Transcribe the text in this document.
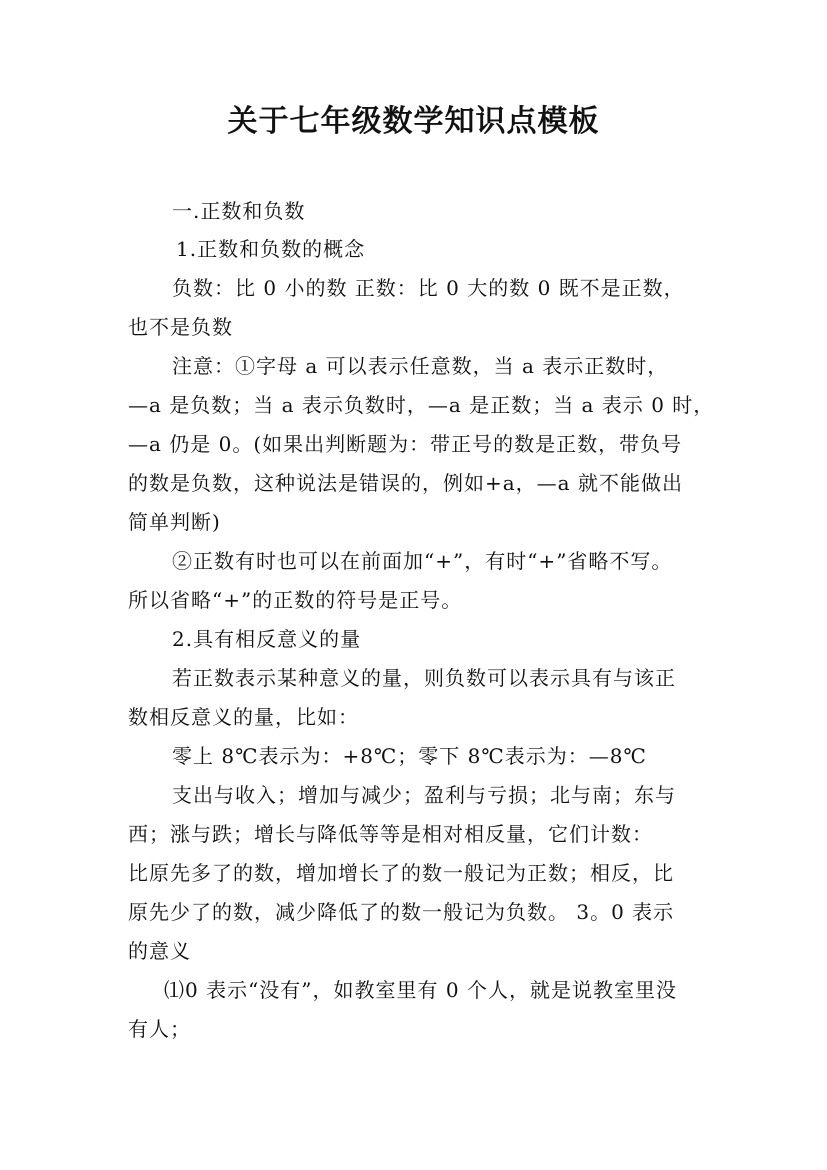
关于七年级数学知识点模板
一.正数和负数
1.正数和负数的概念
负数：比 0 小的数 正数：比 0 大的数 0 既不是正数，
也不是负数
注意：①字母 a 可以表示任意数，当 a 表示正数时，
—a 是负数；当 a 表示负数时，—a 是正数；当 a 表示 0 时，
—a 仍是 0。(如果出判断题为：带正号的数是正数，带负号
的数是负数，这种说法是错误的，例如+a，—a 就不能做出
简单判断)
②正数有时也可以在前面加“+”，有时“+”省略不写。
所以省略“+”的正数的符号是正号。
2.具有相反意义的量
若正数表示某种意义的量，则负数可以表示具有与该正
数相反意义的量，比如：
零上 8℃表示为：+8℃；零下 8℃表示为：—8℃
支出与收入；增加与减少；盈利与亏损；北与南；东与
西；涨与跌；增长与降低等等是相对相反量，它们计数：
比原先多了的数，增加增长了的数一般记为正数；相反，比
原先少了的数，减少降低了的数一般记为负数。 3。0 表示
的意义
⑴0 表示“没有”，如教室里有 0 个人，就是说教室里没
有人；
